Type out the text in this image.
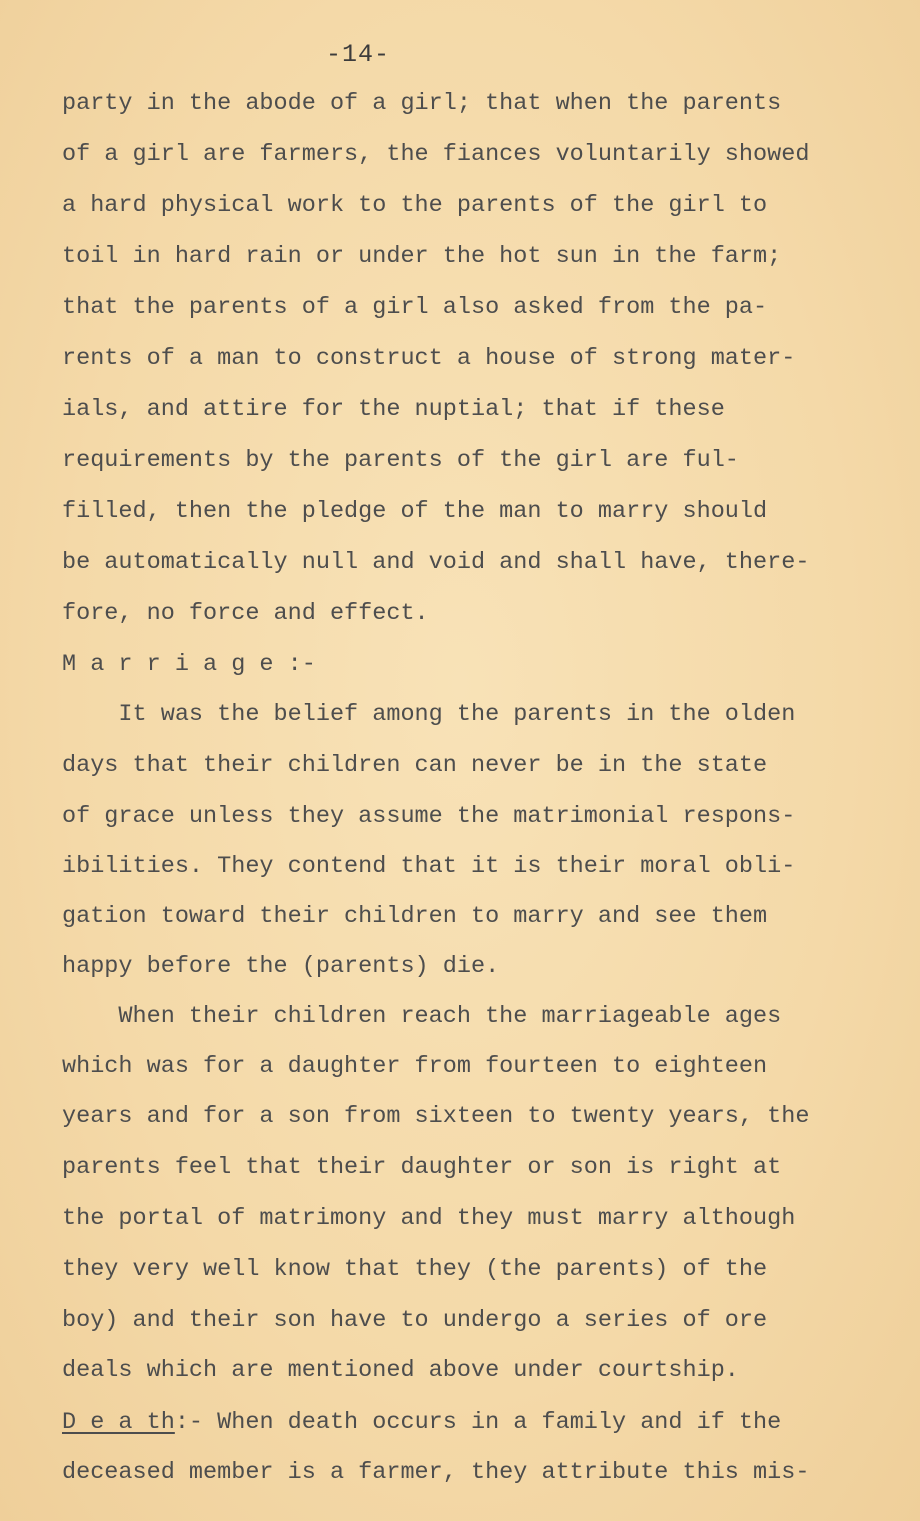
-14-
party in the abode of a girl; that when the parents
of a girl are farmers, the fiances voluntarily showed
a hard physical work to the parents of the girl to
toil in hard rain or under the hot sun in the farm;
that the parents of a girl also asked from the pa-
rents of a man to construct a house of strong mater-
ials, and attire for the nuptial; that if these
requirements by the parents of the girl are ful-
filled, then the pledge of the man to marry should
be automatically null and void and shall have, there-
fore, no force and effect.
M a r r i a g e :-
It was the belief among the parents in the olden
days that their children can never be in the state
of grace unless they assume the matrimonial respons-
ibilities. They contend that it is their moral obli-
gation toward their children to marry and see them
happy before the (parents) die.
When their children reach the marriageable ages
which was for a daughter from fourteen to eighteen
years and for a son from sixteen to twenty years, the
parents feel that their daughter or son is right at
the portal of matrimony and they must marry although
they very well know that they (the parents) of the
boy) and their son have to undergo a series of ore
deals which are mentioned above under courtship.
D e a th:- When death occurs in a family and if the
deceased member is a farmer, they attribute this mis-
